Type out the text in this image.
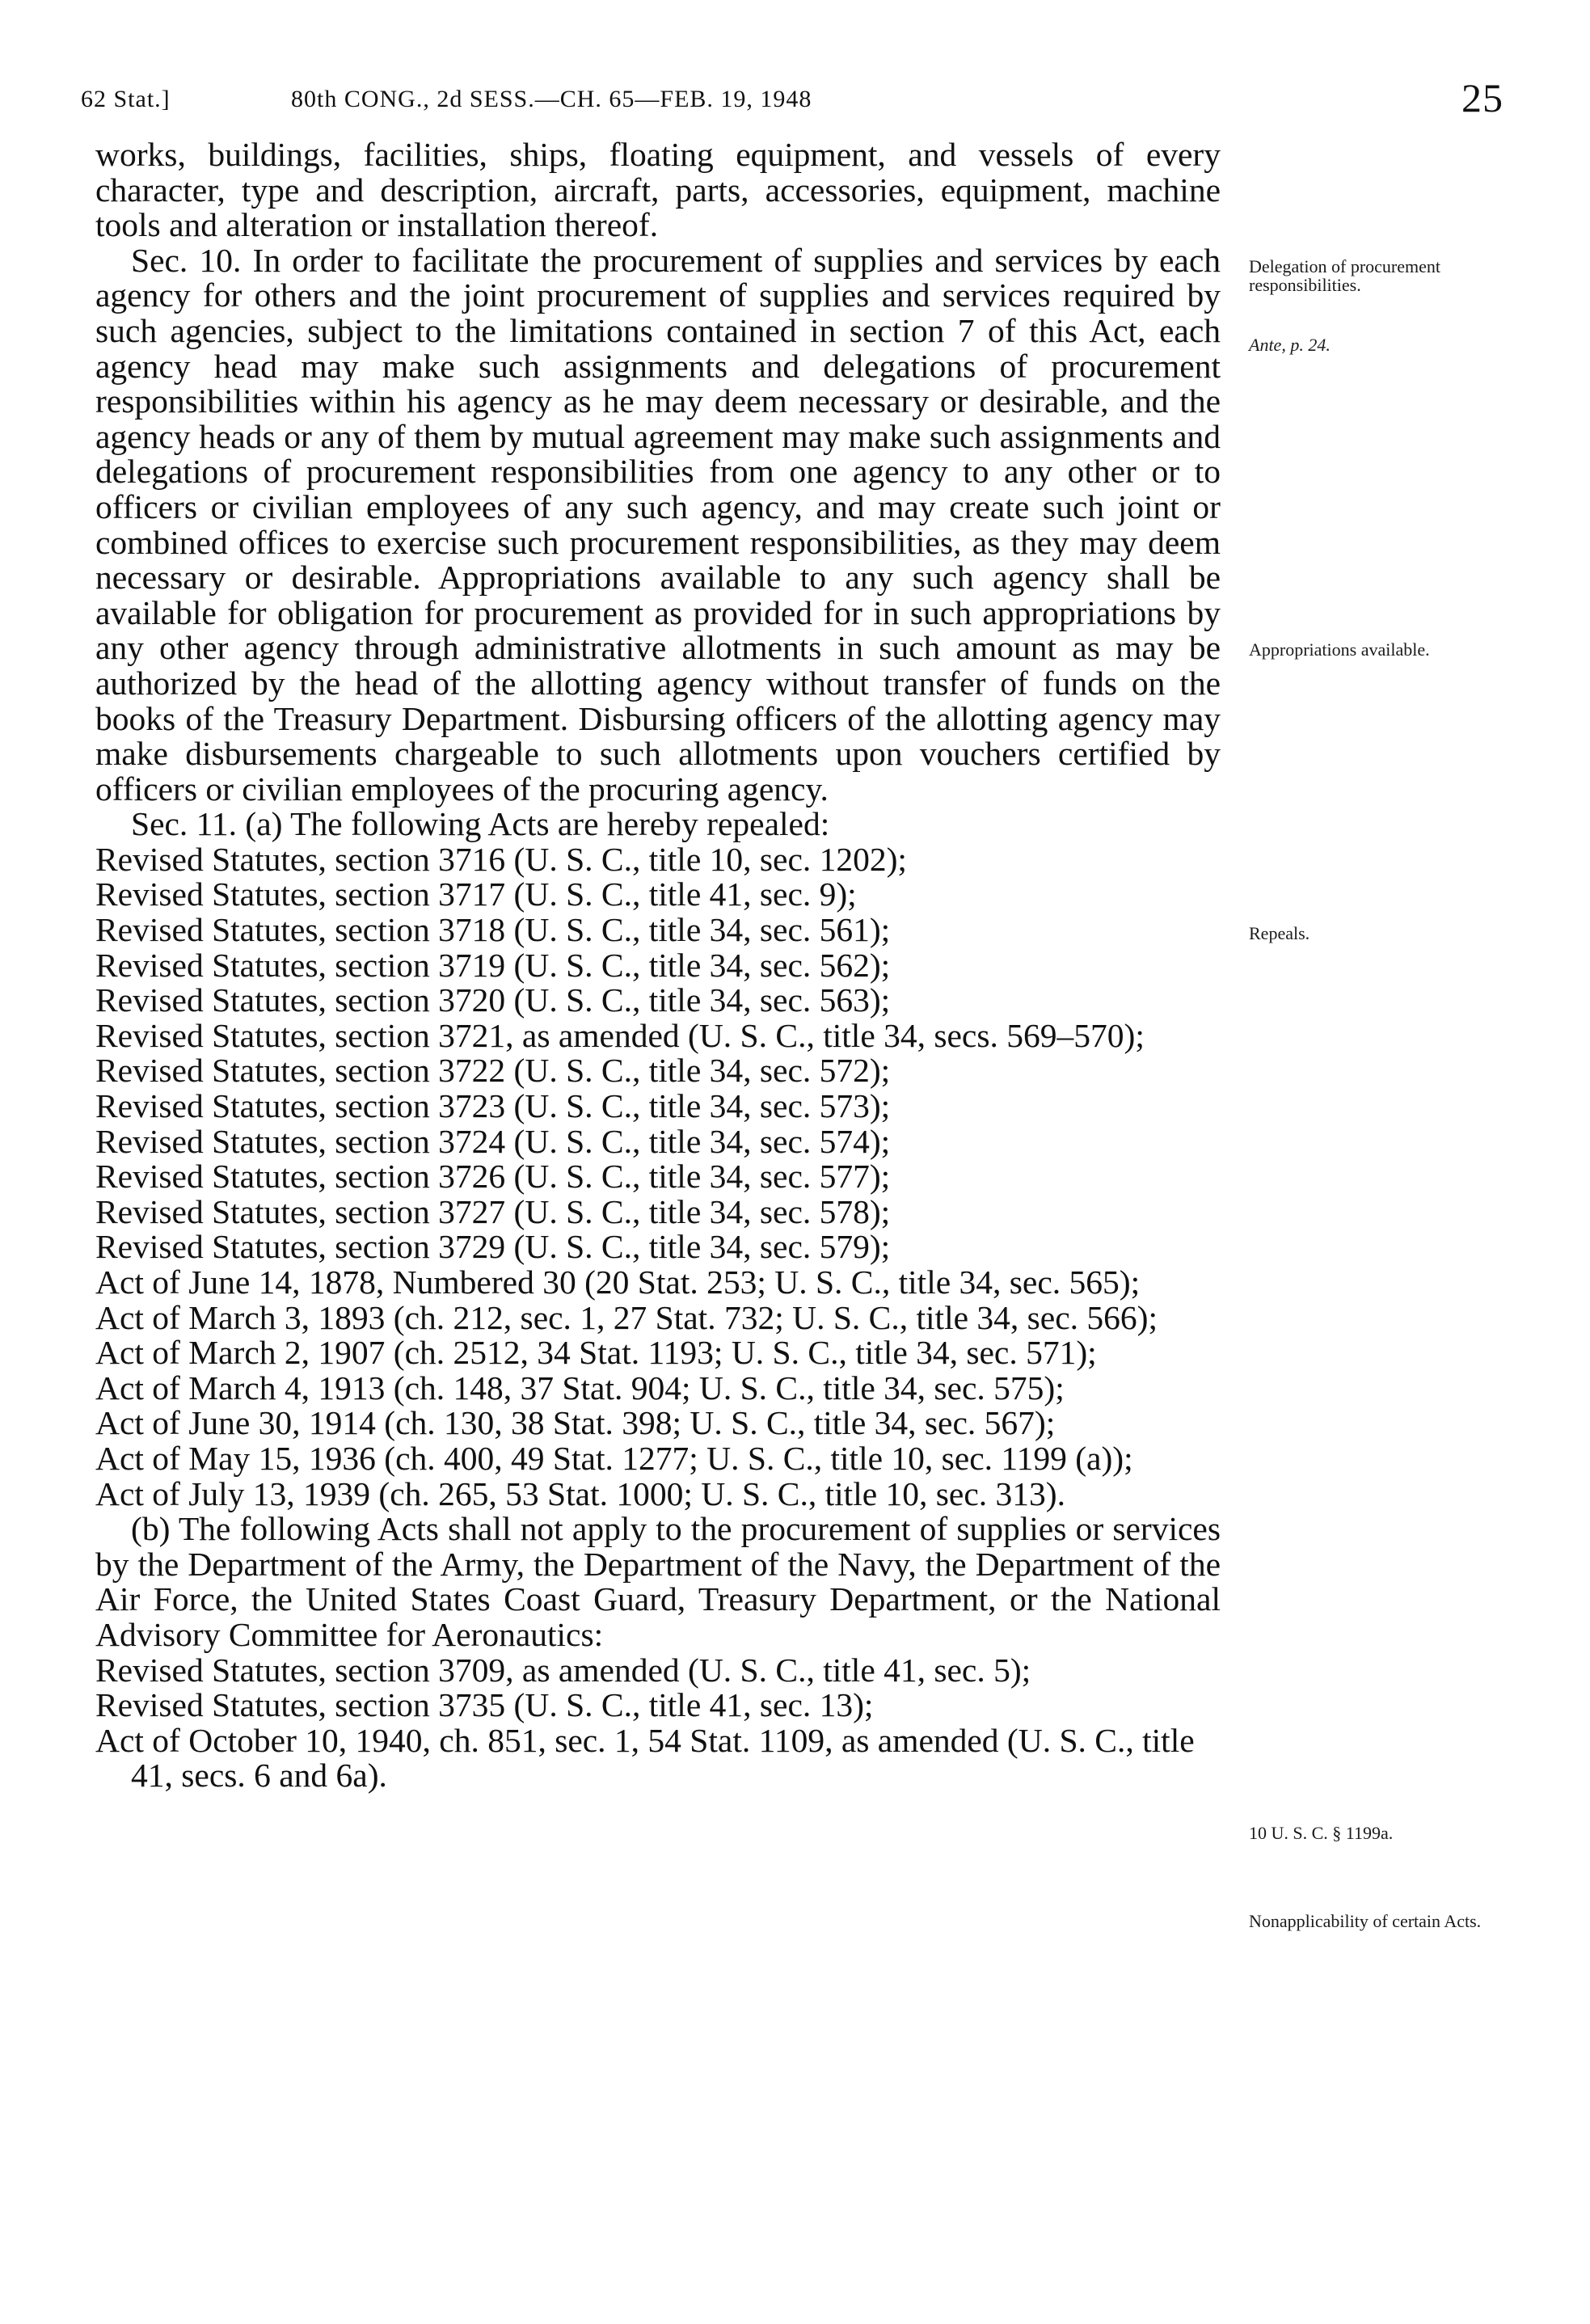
62 Stat.]	80th CONG., 2d SESS.—CH. 65—FEB. 19, 1948	25

works, buildings, facilities, ships, floating equipment, and vessels of every character, type and description, aircraft, parts, accessories, equipment, machine tools and alteration or installation thereof.

Sec. 10. In order to facilitate the procurement of supplies and services by each agency for others and the joint procurement of supplies and services required by such agencies, subject to the limitations contained in section 7 of this Act, each agency head may make such assignments and delegations of procurement responsibilities within his agency as he may deem necessary or desirable, and the agency heads or any of them by mutual agreement may make such assignments and delegations of procurement responsibilities from one agency to any other or to officers or civilian employees of any such agency, and may create such joint or combined offices to exercise such procurement responsibilities, as they may deem necessary or desirable. Appropriations available to any such agency shall be available for obligation for procurement as provided for in such appropriations by any other agency through administrative allotments in such amount as may be authorized by the head of the allotting agency without transfer of funds on the books of the Treasury Department. Disbursing officers of the allotting agency may make disbursements chargeable to such allotments upon vouchers certified by officers or civilian employees of the procuring agency.

Sec. 11. (a) The following Acts are hereby repealed:

Revised Statutes, section 3716 (U. S. C., title 10, sec. 1202);

Revised Statutes, section 3717 (U. S. C., title 41, sec. 9);

Revised Statutes, section 3718 (U. S. C., title 34, sec. 561);

Revised Statutes, section 3719 (U. S. C., title 34, sec. 562);

Revised Statutes, section 3720 (U. S. C., title 34, sec. 563);

Revised Statutes, section 3721, as amended (U. S. C., title 34, secs. 569–570);

Revised Statutes, section 3722 (U. S. C., title 34, sec. 572);

Revised Statutes, section 3723 (U. S. C., title 34, sec. 573);

Revised Statutes, section 3724 (U. S. C., title 34, sec. 574);

Revised Statutes, section 3726 (U. S. C., title 34, sec. 577);

Revised Statutes, section 3727 (U. S. C., title 34, sec. 578);

Revised Statutes, section 3729 (U. S. C., title 34, sec. 579);

Act of June 14, 1878, Numbered 30 (20 Stat. 253; U. S. C., title 34, sec. 565);

Act of March 3, 1893 (ch. 212, sec. 1, 27 Stat. 732; U. S. C., title 34, sec. 566);

Act of March 2, 1907 (ch. 2512, 34 Stat. 1193; U. S. C., title 34, sec. 571);

Act of March 4, 1913 (ch. 148, 37 Stat. 904; U. S. C., title 34, sec. 575);

Act of June 30, 1914 (ch. 130, 38 Stat. 398; U. S. C., title 34, sec. 567);

Act of May 15, 1936 (ch. 400, 49 Stat. 1277; U. S. C., title 10, sec. 1199 (a));

Act of July 13, 1939 (ch. 265, 53 Stat. 1000; U. S. C., title 10, sec. 313).

(b) The following Acts shall not apply to the procurement of supplies or services by the Department of the Army, the Department of the Navy, the Department of the Air Force, the United States Coast Guard, Treasury Department, or the National Advisory Committee for Aeronautics:

Revised Statutes, section 3709, as amended (U. S. C., title 41, sec. 5);

Revised Statutes, section 3735 (U. S. C., title 41, sec. 13);

Act of October 10, 1940, ch. 851, sec. 1, 54 Stat. 1109, as amended (U. S. C., title 41, secs. 6 and 6a).

Delegation of procurement responsibilities.
Ante, p. 24.
Appropriations available.
Repeals.
10 U. S. C. § 1199a.
Nonapplicability of certain Acts.
